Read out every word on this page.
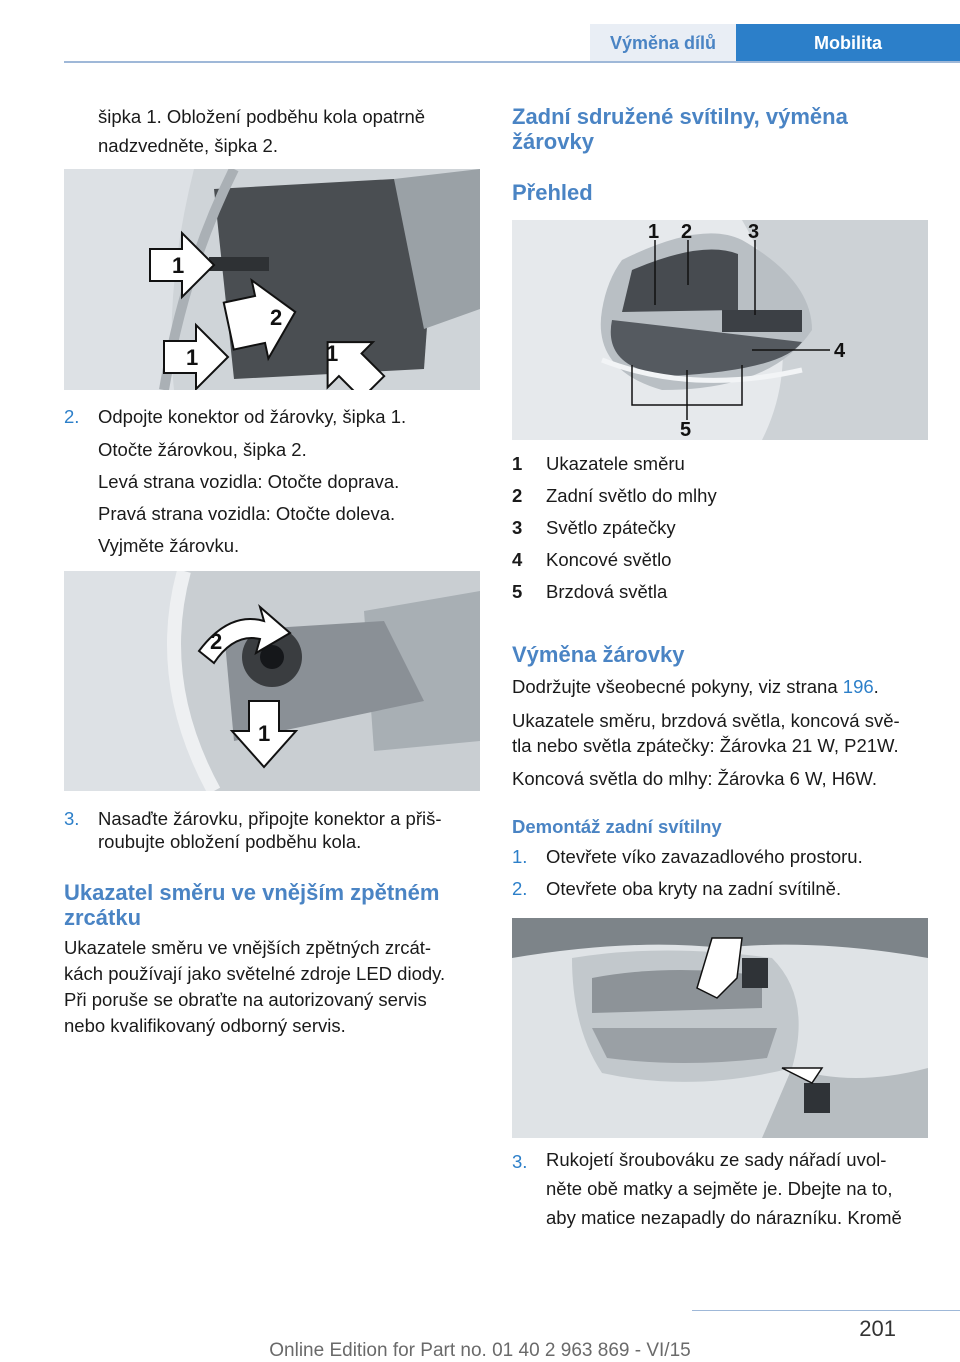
Výměna dílů	Mobilita
šipka 1. Obložení podběhu kola opatrně
nadzvedněte, šipka 2.
1
2
1	1
2. Odpojte konektor od žárovky, šipka 1.
Otočte žárovkou, šipka 2.
Levá strana vozidla: Otočte doprava.
Pravá strana vozidla: Otočte doleva.
Vyjměte žárovku.
2
1
3. Nasaďte žárovku, připojte konektor a přiš-
roubujte obložení podběhu kola.
Ukazatel směru ve vnějším zpětném
zrcátku
Ukazatele směru ve vnějších zpětných zrcát-
kách používají jako světelné zdroje LED diody.
Při poruše se obraťte na autorizovaný servis
nebo kvalifikovaný odborný servis.
Zadní sdružené svítilny, výměna
žárovky
Přehled
1 2	3
4
5
1 Ukazatele směru
2 Zadní světlo do mlhy
3 Světlo zpátečky
4 Koncové světlo
5 Brzdová světla
Výměna žárovky
Dodržujte všeobecné pokyny, viz strana 196.
Ukazatele směru, brzdová světla, koncová svě-
tla nebo světla zpátečky: Žárovka 21 W, P21W.
Koncová světla do mlhy: Žárovka 6 W, H6W.
Demontáž zadní svítilny
1. Otevřete víko zavazadlového prostoru.
2. Otevřete oba kryty na zadní svítilně.
3. Rukojetí šroubováku ze sady nářadí uvol-
něte obě matky a sejměte je. Dbejte na to,
aby matice nezapadly do nárazníku. Kromě
201
Online Edition for Part no. 01 40 2 963 869 - VI/15
